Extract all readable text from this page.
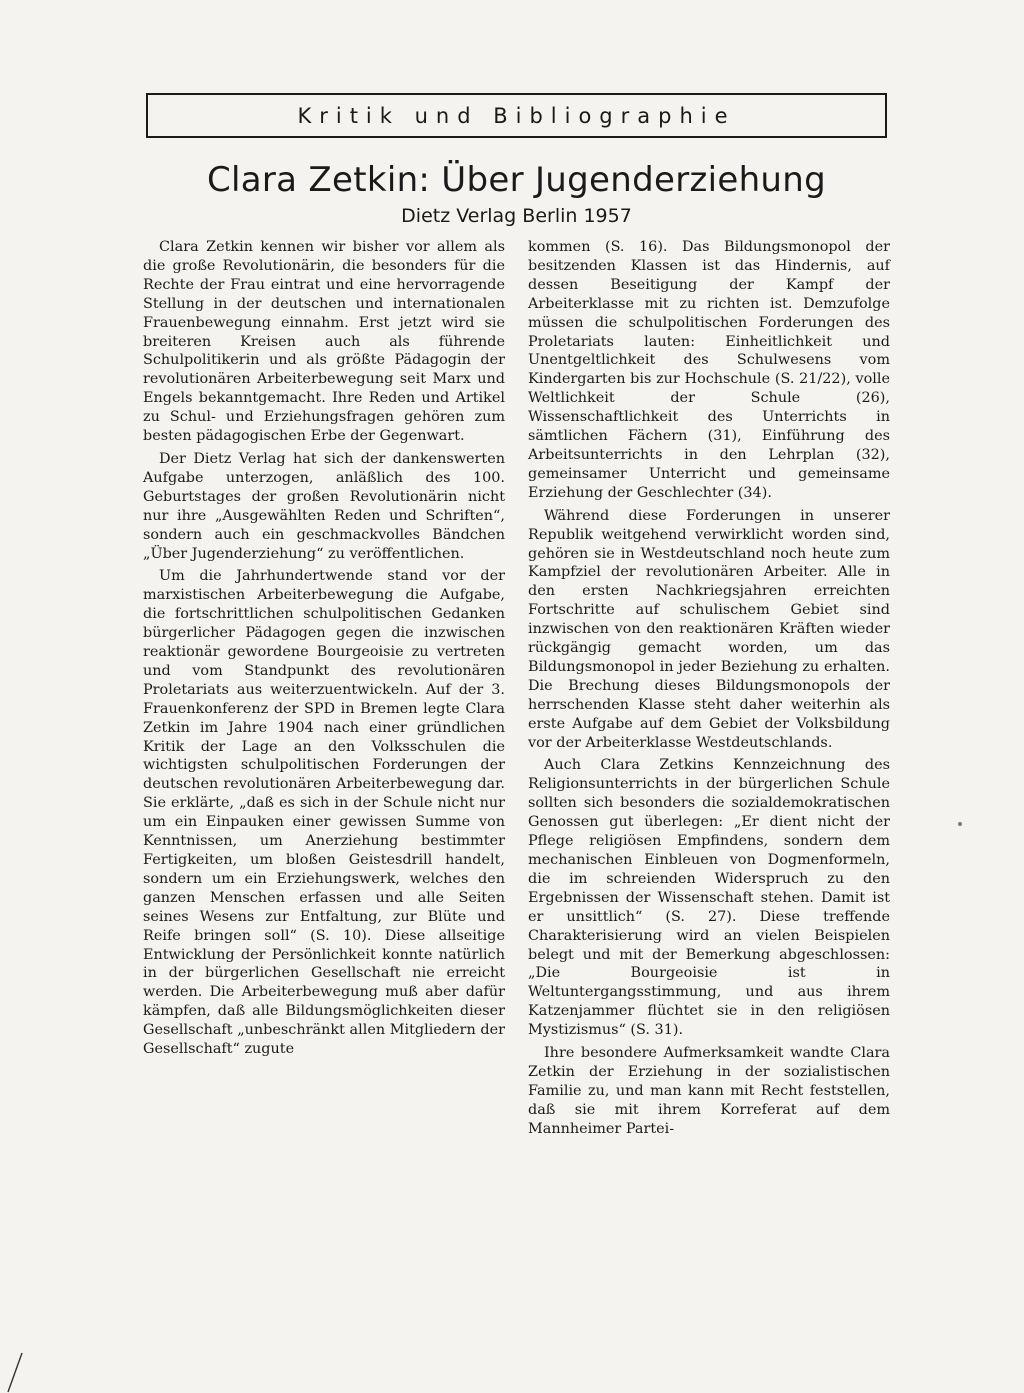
Kritik und Bibliographie
Clara Zetkin: Über Jugenderziehung
Dietz Verlag Berlin 1957

Clara Zetkin kennen wir bisher vor allem als die große Revolutionärin, die besonders für die Rechte der Frau eintrat und eine hervorragende Stellung in der deutschen und internationalen Frauenbewegung einnahm. Erst jetzt wird sie breiteren Kreisen auch als führende Schulpolitikerin und als größte Pädagogin der revolutionären Arbeiterbewegung seit Marx und Engels bekanntgemacht. Ihre Reden und Artikel zu Schul- und Erziehungsfragen gehören zum besten pädagogischen Erbe der Gegenwart.

Der Dietz Verlag hat sich der dankenswerten Aufgabe unterzogen, anläßlich des 100. Geburtstages der großen Revolutionärin nicht nur ihre „Ausgewählten Reden und Schriften“, sondern auch ein geschmackvolles Bändchen „Über Jugenderziehung“ zu veröffentlichen.

Um die Jahrhundertwende stand vor der marxistischen Arbeiterbewegung die Aufgabe, die fortschrittlichen schulpolitischen Gedanken bürgerlicher Pädagogen gegen die inzwischen reaktionär gewordene Bourgeoisie zu vertreten und vom Standpunkt des revolutionären Proletariats aus weiterzuentwickeln. Auf der 3. Frauenkonferenz der SPD in Bremen legte Clara Zetkin im Jahre 1904 nach einer gründlichen Kritik der Lage an den Volksschulen die wichtigsten schulpolitischen Forderungen der deutschen revolutionären Arbeiterbewegung dar. Sie erklärte, „daß es sich in der Schule nicht nur um ein Einpauken einer gewissen Summe von Kenntnissen, um Anerziehung bestimmter Fertigkeiten, um bloßen Geistesdrill handelt, sondern um ein Erziehungswerk, welches den ganzen Menschen erfassen und alle Seiten seines Wesens zur Entfaltung, zur Blüte und Reife bringen soll“ (S. 10). Diese allseitige Entwicklung der Persönlichkeit konnte natürlich in der bürgerlichen Gesellschaft nie erreicht werden. Die Arbeiterbewegung muß aber dafür kämpfen, daß alle Bildungsmöglichkeiten dieser Gesellschaft „unbeschränkt allen Mitgliedern der Gesellschaft“ zugute

kommen (S. 16). Das Bildungsmonopol der besitzenden Klassen ist das Hindernis, auf dessen Beseitigung der Kampf der Arbeiterklasse mit zu richten ist. Demzufolge müssen die schulpolitischen Forderungen des Proletariats lauten: Einheitlichkeit und Unentgeltlichkeit des Schulwesens vom Kindergarten bis zur Hochschule (S. 21/22), volle Weltlichkeit der Schule (26), Wissenschaftlichkeit des Unterrichts in sämtlichen Fächern (31), Einführung des Arbeitsunterrichts in den Lehrplan (32), gemeinsamer Unterricht und gemeinsame Erziehung der Geschlechter (34).

Während diese Forderungen in unserer Republik weitgehend verwirklicht worden sind, gehören sie in Westdeutschland noch heute zum Kampfziel der revolutionären Arbeiter. Alle in den ersten Nachkriegsjahren erreichten Fortschritte auf schulischem Gebiet sind inzwischen von den reaktionären Kräften wieder rückgängig gemacht worden, um das Bildungsmonopol in jeder Beziehung zu erhalten. Die Brechung dieses Bildungsmonopols der herrschenden Klasse steht daher weiterhin als erste Aufgabe auf dem Gebiet der Volksbildung vor der Arbeiterklasse Westdeutschlands.

Auch Clara Zetkins Kennzeichnung des Religionsunterrichts in der bürgerlichen Schule sollten sich besonders die sozialdemokratischen Genossen gut überlegen: „Er dient nicht der Pflege religiösen Empfindens, sondern dem mechanischen Einbleuen von Dogmenformeln, die im schreienden Widerspruch zu den Ergebnissen der Wissenschaft stehen. Damit ist er unsittlich“ (S. 27). Diese treffende Charakterisierung wird an vielen Beispielen belegt und mit der Bemerkung abgeschlossen: „Die Bourgeoisie ist in Weltuntergangsstimmung, und aus ihrem Katzenjammer flüchtet sie in den religiösen Mystizismus“ (S. 31).

Ihre besondere Aufmerksamkeit wandte Clara Zetkin der Erziehung in der sozialistischen Familie zu, und man kann mit Recht feststellen, daß sie mit ihrem Korreferat auf dem Mannheimer Partei-
